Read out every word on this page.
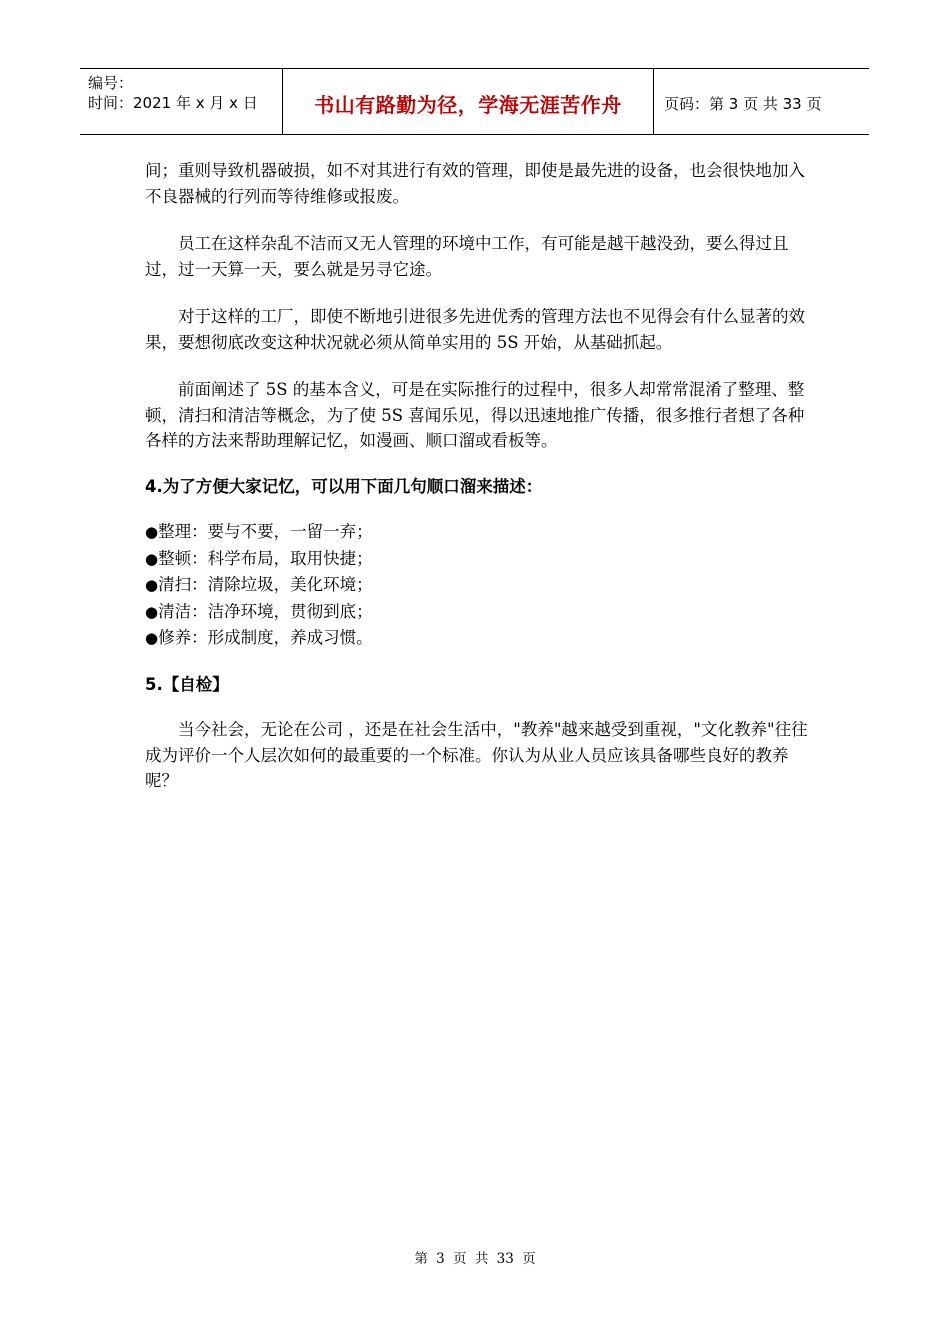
编号：
时间：2021 年 x 月 x 日	书山有路勤为径，学海无涯苦作舟	页码：第 3 页 共 33 页

间；重则导致机器破损，如不对其进行有效的管理，即使是最先进的设备，也会很快地加入不良器械的行列而等待维修或报废。

员工在这样杂乱不洁而又无人管理的环境中工作，有可能是越干越没劲，要么得过且过，过一天算一天，要么就是另寻它途。

对于这样的工厂，即使不断地引进很多先进优秀的管理方法也不见得会有什么显著的效果，要想彻底改变这种状况就必须从简单实用的 5S 开始，从基础抓起。

前面阐述了 5S 的基本含义，可是在实际推行的过程中，很多人却常常混淆了整理、整顿，清扫和清洁等概念，为了使 5S 喜闻乐见，得以迅速地推广传播，很多推行者想了各种各样的方法来帮助理解记忆，如漫画、顺口溜或看板等。

4.为了方便大家记忆，可以用下面几句顺口溜来描述：

●整理：要与不要，一留一弃；
●整顿：科学布局，取用快捷；
●清扫：清除垃圾，美化环境；
●清洁：洁净环境，贯彻到底；
●修养：形成制度，养成习惯。

5.【自检】

当今社会，无论在公司 ，还是在社会生活中，"教养"越来越受到重视，"文化教养"往往成为评价一个人层次如何的最重要的一个标准。你认为从业人员应该具备哪些良好的教养呢？

第 3 页 共 33 页
